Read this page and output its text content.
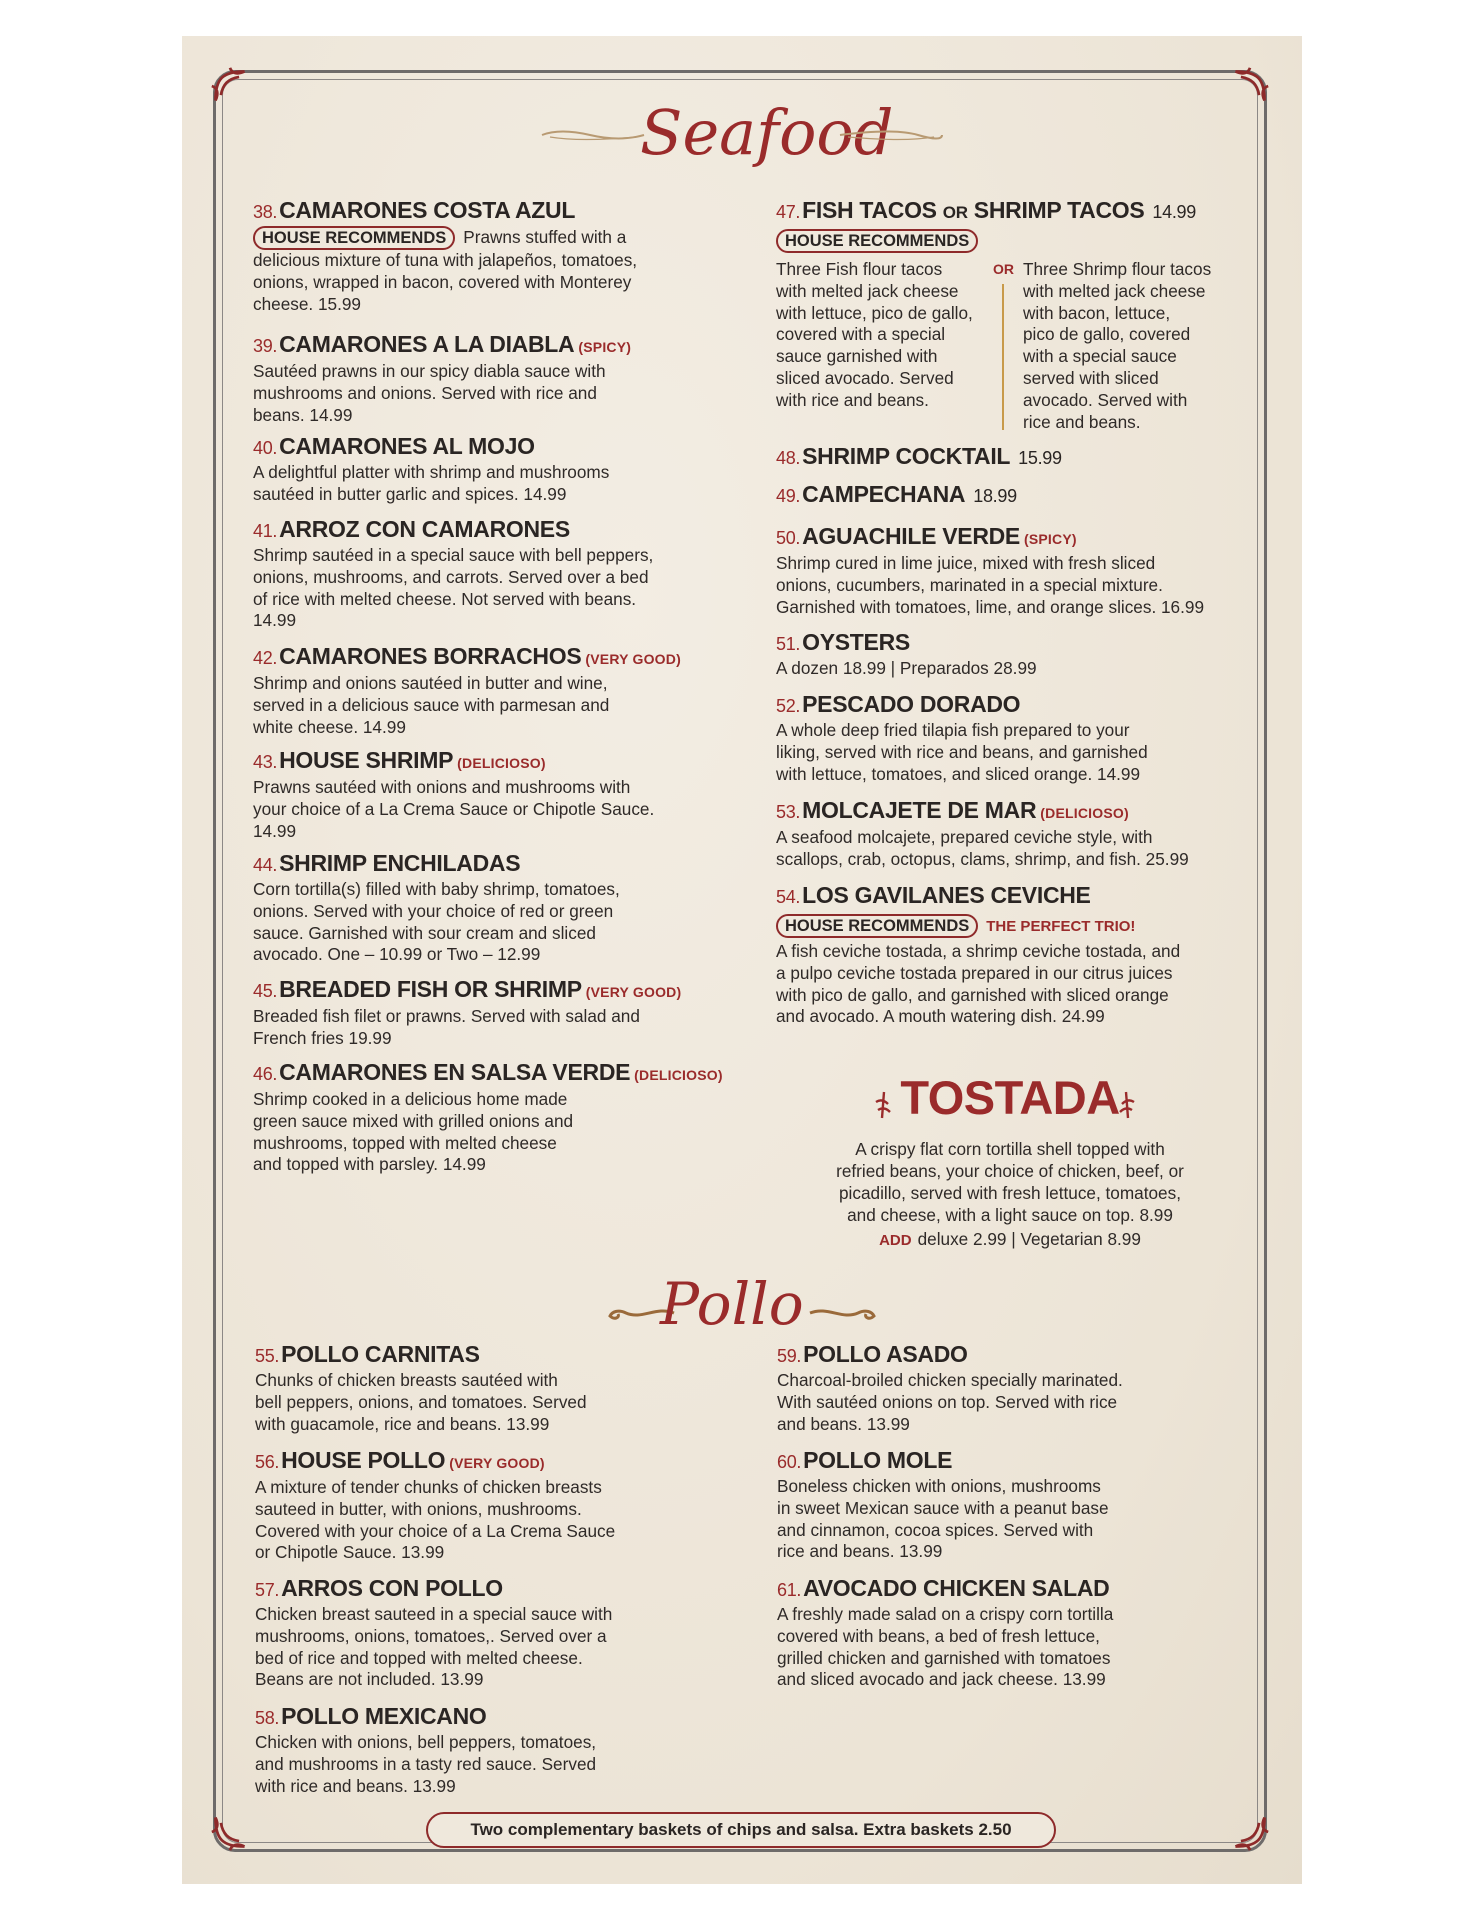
Seafood
47.FISH TACOS OR SHRIMP TACOS 14.99
HOUSE RECOMMENDS
Three Fish flour tacos
with melted jack cheese
with lettuce, pico de gallo,
covered with a special
sauce garnished with
sliced avocado. Served
with rice and beans.
OR Three Shrimp flour tacos
with melted jack cheese
with bacon, lettuce,
pico de gallo, covered
with a special sauce
served with sliced
avocado. Served with
rice and beans.
54.LOS GAVILANES CEVICHE
HOUSE RECOMMENDS THE PERFECT TRIO!

A fish ceviche tostada, a shrimp ceviche tostada, and

a pulpo ceviche tostada prepared in our citrus juices

with pico de gallo, and garnished with sliced orange

and avocado. A mouth watering dish. 24.99

TOSTADA
A crispy flat corn tortilla shell topped with
refried beans, your choice of chicken, beef, or
picadillo, served with fresh lettuce, tomatoes,
and cheese, with a light sauce on top. 8.99
ADD deluxe 2.99 | Vegetarian 8.99
Pollo
Two complementary baskets of chips and salsa. Extra baskets 2.50
38.CAMARONES COSTA AZUL

HOUSE RECOMMENDS Prawns stuffed with a

delicious mixture of tuna with jalapeños, tomatoes,

onions, wrapped in bacon, covered with Monterey

cheese. 15.99

39.CAMARONES A LA DIABLA (SPICY)

Sautéed prawns in our spicy diabla sauce with

mushrooms and onions. Served with rice and

beans. 14.99

40.CAMARONES AL MOJO

A delightful platter with shrimp and mushrooms

sautéed in butter garlic and spices. 14.99

41.ARROZ CON CAMARONES

Shrimp sautéed in a special sauce with bell peppers,

onions, mushrooms, and carrots. Served over a bed

of rice with melted cheese. Not served with beans.

14.99

42.CAMARONES BORRACHOS (VERY GOOD)

Shrimp and onions sautéed in butter and wine,

served in a delicious sauce with parmesan and

white cheese. 14.99

43.HOUSE SHRIMP (DELICIOSO)

Prawns sautéed with onions and mushrooms with

your choice of a La Crema Sauce or Chipotle Sauce.

14.99

44.SHRIMP ENCHILADAS

Corn tortilla(s) filled with baby shrimp, tomatoes,

onions. Served with your choice of red or green

sauce. Garnished with sour cream and sliced

avocado. One – 10.99 or Two – 12.99

45.BREADED FISH OR SHRIMP (VERY GOOD)

Breaded fish filet or prawns. Served with salad and

French fries 19.99

46.CAMARONES EN SALSA VERDE (DELICIOSO)

Shrimp cooked in a delicious home made

green sauce mixed with grilled onions and

mushrooms, topped with melted cheese

and topped with parsley. 14.99

48.SHRIMP COCKTAIL 15.99
49.CAMPECHANA 18.99
50.AGUACHILE VERDE (SPICY)

Shrimp cured in lime juice, mixed with fresh sliced

onions, cucumbers, marinated in a special mixture.

Garnished with tomatoes, lime, and orange slices. 16.99

51.OYSTERS

A dozen 18.99 | Preparados 28.99

52.PESCADO DORADO

A whole deep fried tilapia fish prepared to your

liking, served with rice and beans, and garnished

with lettuce, tomatoes, and sliced orange. 14.99

53.MOLCAJETE DE MAR (DELICIOSO)

A seafood molcajete, prepared ceviche style, with

scallops, crab, octopus, clams, shrimp, and fish. 25.99

55.POLLO CARNITAS

Chunks of chicken breasts sautéed with

bell peppers, onions, and tomatoes. Served

with guacamole, rice and beans. 13.99

56.HOUSE POLLO (VERY GOOD)

A mixture of tender chunks of chicken breasts

sauteed in butter, with onions, mushrooms.

Covered with your choice of a La Crema Sauce

or Chipotle Sauce. 13.99

57.ARROS CON POLLO

Chicken breast sauteed in a special sauce with

mushrooms, onions, tomatoes,. Served over a

bed of rice and topped with melted cheese.

Beans are not included. 13.99

58.POLLO MEXICANO

Chicken with onions, bell peppers, tomatoes,

and mushrooms in a tasty red sauce. Served

with rice and beans. 13.99

59.POLLO ASADO

Charcoal-broiled chicken specially marinated.

With sautéed onions on top. Served with rice

and beans. 13.99

60.POLLO MOLE

Boneless chicken with onions, mushrooms

in sweet Mexican sauce with a peanut base

and cinnamon, cocoa spices. Served with

rice and beans. 13.99

61.AVOCADO CHICKEN SALAD

A freshly made salad on a crispy corn tortilla

covered with beans, a bed of fresh lettuce,

grilled chicken and garnished with tomatoes

and sliced avocado and jack cheese. 13.99
